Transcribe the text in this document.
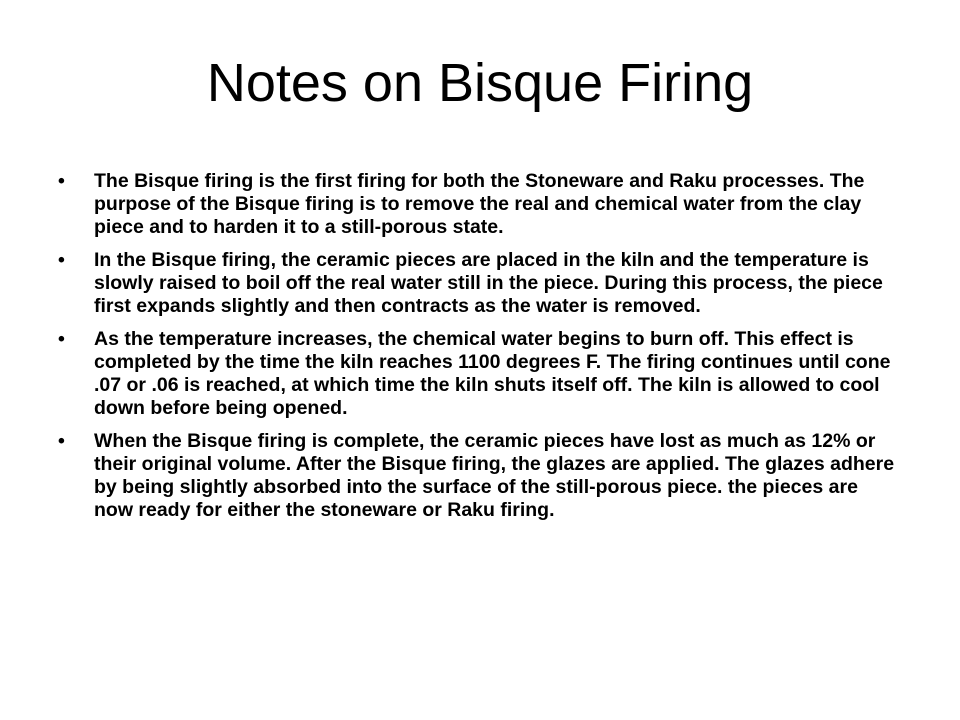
Notes on Bisque Firing
•	The Bisque firing is the first firing for both the Stoneware and Raku processes. The purpose of the Bisque firing is to remove the real and chemical water from the clay piece and to harden it to a still-porous state.
•	In the Bisque firing, the ceramic pieces are placed in the kiln and the temperature is slowly raised to boil off the real water still in the piece. During this process, the piece first expands slightly and then contracts as the water is removed.
•	As the temperature increases, the chemical water begins to burn off. This effect is completed by the time the kiln reaches 1100 degrees F. The firing continues until cone .07 or .06 is reached, at which time the kiln shuts itself off. The kiln is allowed to cool down before being opened.
•	When the Bisque firing is complete, the ceramic pieces have lost as much as 12% or their original volume. After the Bisque firing, the glazes are applied. The glazes adhere by being slightly absorbed into the surface of the still-porous piece. the pieces are now ready for either the stoneware or Raku firing.
